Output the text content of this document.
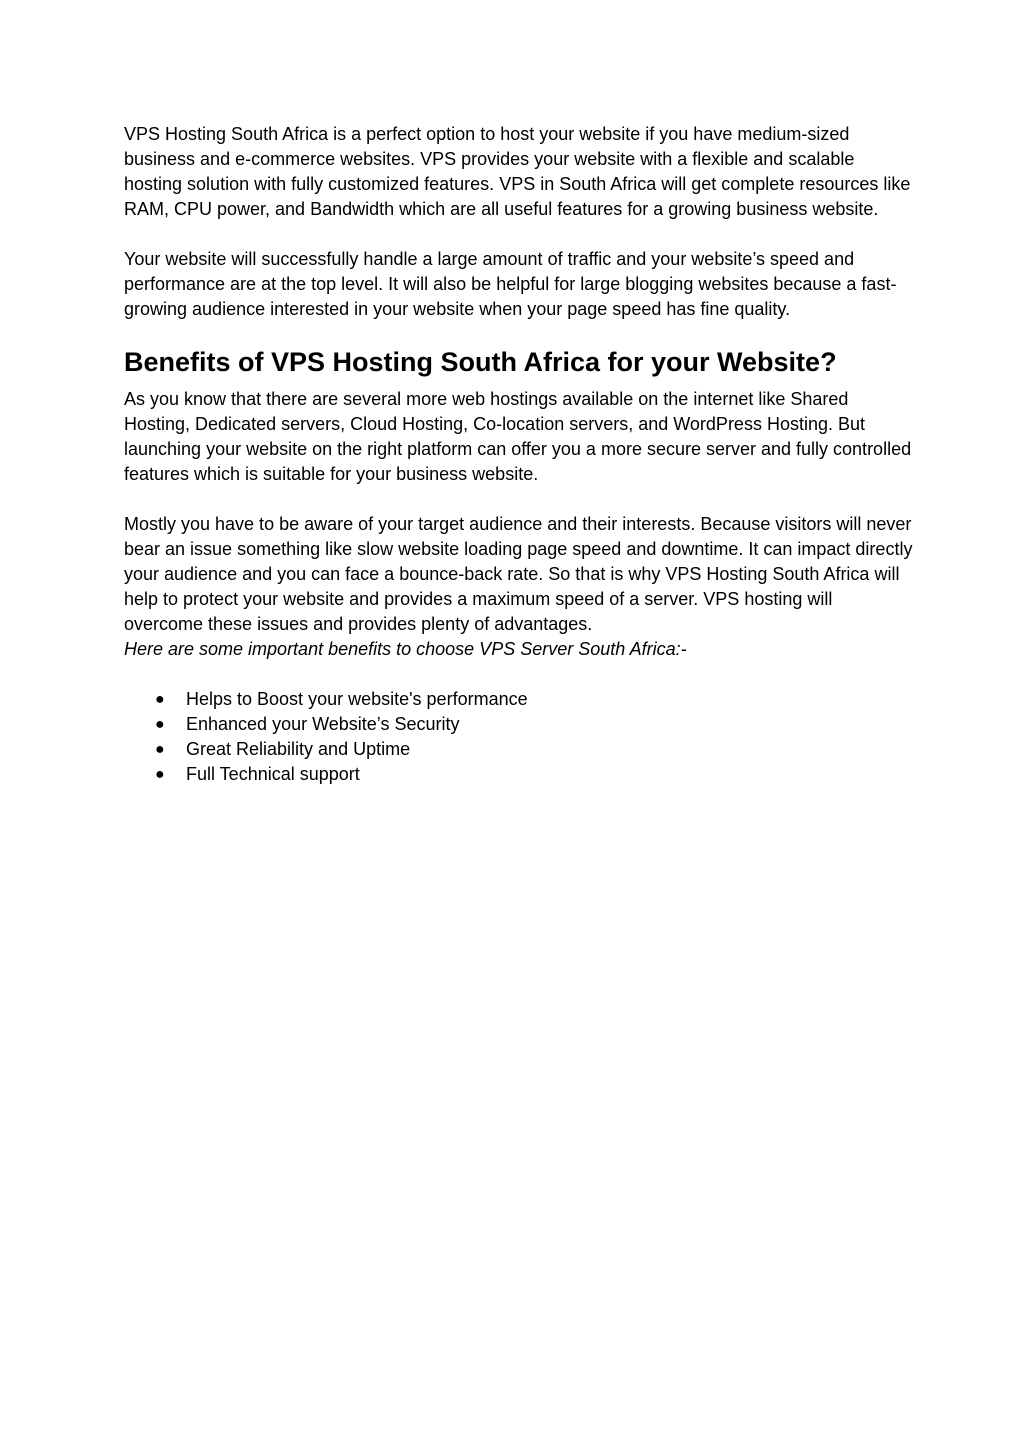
VPS Hosting South Africa is a perfect option to host your website if you have medium-sized business and e-commerce websites. VPS provides your website with a flexible and scalable hosting solution with fully customized features. VPS in South Africa will get complete resources like RAM, CPU power, and Bandwidth which are all useful features for a growing business website.

Your website will successfully handle a large amount of traffic and your website’s speed and performance are at the top level. It will also be helpful for large blogging websites because a fast-growing audience interested in your website when your page speed has fine quality.

Benefits of VPS Hosting South Africa for your Website?

As you know that there are several more web hostings available on the internet like Shared Hosting, Dedicated servers, Cloud Hosting, Co-location servers, and WordPress Hosting. But launching your website on the right platform can offer you a more secure server and fully controlled features which is suitable for your business website.

Mostly you have to be aware of your target audience and their interests. Because visitors will never bear an issue something like slow website loading page speed and downtime. It can impact directly your audience and you can face a bounce-back rate. So that is why VPS Hosting South Africa will help to protect your website and provides a maximum speed of a server. VPS hosting will overcome these issues and provides plenty of advantages.

Here are some important benefits to choose VPS Server South Africa:-

● Helps to Boost your website's performance
● Enhanced your Website’s Security
● Great Reliability and Uptime
● Full Technical support
